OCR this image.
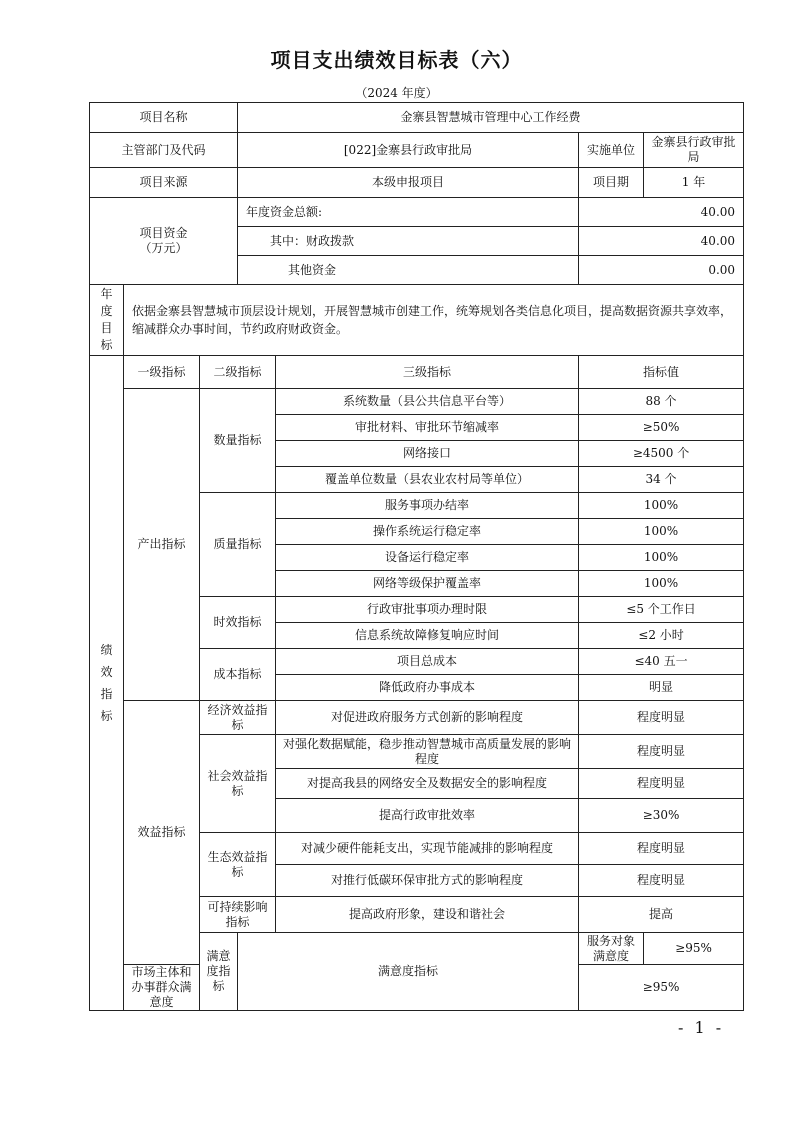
项目支出绩效目标表（六）
（2024 年度）
项目名称			金寨县智慧城市管理中心工作经费			
主管部门及代码			[022]金寨县行政审批局		实施单位	金寨县行政审批局
项目来源			本级申报项目		项目期	1 年
项目资金
（万元）			年度资金总额:		40.00	
			其中：财政拨款		40.00	
			其他资金		0.00	
年度目标	依据金寨县智慧城市顶层设计规划，开展智慧城市创建工作，统筹规划各类信息化项目，提高数据资源共享效率，缩减群众办事时间，节约政府财政资金。					
绩效指标	一级指标	二级指标		三级指标	指标值	
	产出指标	数量指标		系统数量（县公共信息平台等）	88 个	
				审批材料、审批环节缩减率	≥50%	
				网络接口	≥4500 个	
				覆盖单位数量（县农业农村局等单位）	34 个	
		质量指标		服务事项办结率	100%	
				操作系统运行稳定率	100%	
				设备运行稳定率	100%	
				网络等级保护覆盖率	100%	
		时效指标		行政审批事项办理时限	≤5 个工作日	
				信息系统故障修复响应时间	≤2 小时	
		成本指标		项目总成本	≤40 五一	
				降低政府办事成本	明显	
	效益指标	经济效益指标		对促进政府服务方式创新的影响程度	程度明显	
		社会效益指标		对强化数据赋能，稳步推动智慧城市高质量发展的影响程度	程度明显	
				对提高我县的网络安全及数据安全的影响程度	程度明显	
				提高行政审批效率	≥30%	
		生态效益指标		对减少硬件能耗支出，实现节能减排的影响程度	程度明显	
				对推行低碳环保审批方式的影响程度	程度明显	
		可持续影响指标		提高政府形象，建设和谐社会	提高	
		满意度指标	满意度指标		服务对象满意度	≥95%
	市场主体和办事群众满意度				≥95%	
- 1 -
